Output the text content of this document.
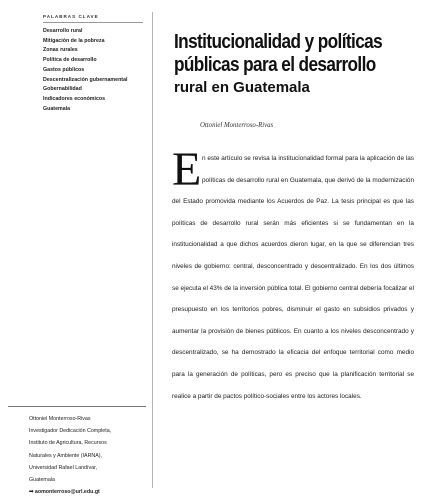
PALABRAS CLAVE
Desarrollo rural
Mitigación de la pobreza
Zonas rurales
Política de desarrollo
Gastos públicos
Descentralización gubernamental
Gobernabilidad
Indicadores económicos
Guatemala
Ottoniel Monterroso-Rivas
Investigador Dedicación Completa,
Instituto de Agricultura, Recursos
Naturales y Ambiente (IARNA),
Universidad Rafael Landívar,
Guatemala
➡ aomonterroso@url.edu.gt
Institucionalidad y políticas públicas para el desarrollo
rural en Guatemala
Ottoniel Monterroso-Rivas

En este artículo se revisa la institucionalidad formal para la aplicación de las políticas de desarrollo rural en Guatemala, que derivó de la modernización del Estado promovida mediante los Acuerdos de Paz. La tesis principal es que las políticas de desarrollo rural serán más eficientes si se fundamentan en la institucionalidad a que dichos acuerdos dieron lugar, en la que se diferencian tres niveles de gobierno: central, desconcentrado y descentralizado. En los dos últimos se ejecuta el 43% de la inversión pública total. El gobierno central debería focalizar el presupuesto en los territorios pobres, disminuir el gasto en subsidios privados y aumentar la provisión de bienes públicos. En cuanto a los niveles desconcentrado y descentralizado, se ha demostrado la eficacia del enfoque territorial como medio para la generación de políticas, pero es preciso que la planificación territorial se realice a partir de pactos político-sociales entre los actores locales.
